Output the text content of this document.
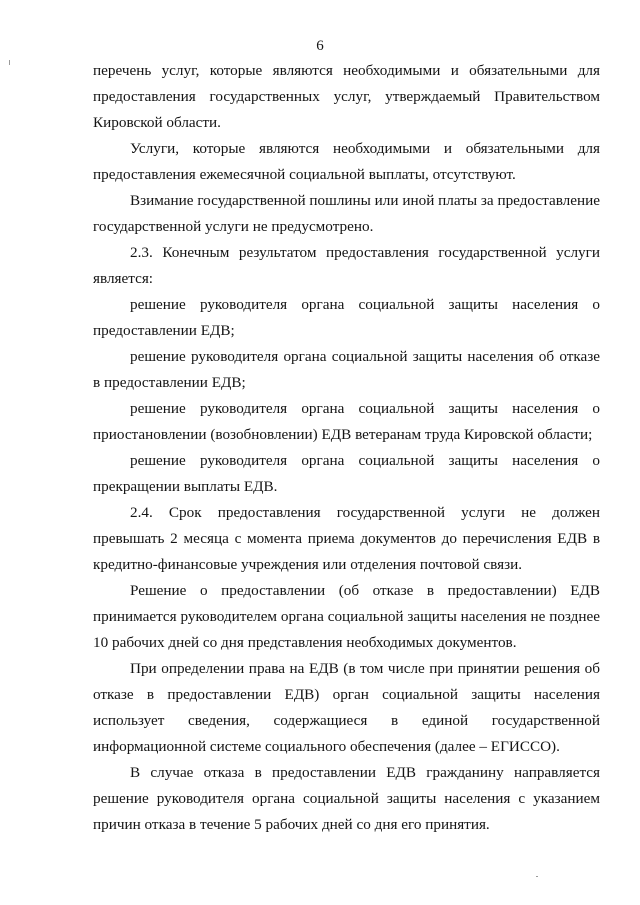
6

перечень услуг, которые являются необходимыми и обязательными для предоставления государственных услуг, утверждаемый Правительством Кировской области.

Услуги, которые являются необходимыми и обязательными для предоставления ежемесячной социальной выплаты, отсутствуют.

Взимание государственной пошлины или иной платы за предоставление государственной услуги не предусмотрено.

2.3. Конечным результатом предоставления государственной услуги является:

решение руководителя органа социальной защиты населения о предоставлении ЕДВ;

решение руководителя органа социальной защиты населения об отказе в предоставлении ЕДВ;

решение руководителя органа социальной защиты населения о приостановлении (возобновлении) ЕДВ ветеранам труда Кировской области;

решение руководителя органа социальной защиты населения о прекращении выплаты ЕДВ.

2.4. Срок предоставления государственной услуги не должен превышать 2 месяца с момента приема документов до перечисления ЕДВ в кредитно-финансовые учреждения или отделения почтовой связи.

Решение о предоставлении (об отказе в предоставлении) ЕДВ принимается руководителем органа социальной защиты населения не позднее 10 рабочих дней со дня представления необходимых документов.

При определении права на ЕДВ (в том числе при принятии решения об отказе в предоставлении ЕДВ) орган социальной защиты населения использует сведения, содержащиеся в единой государственной информационной системе социального обеспечения (далее – ЕГИССО).

В случае отказа в предоставлении ЕДВ гражданину направляется решение руководителя органа социальной защиты населения с указанием причин отказа в течение 5 рабочих дней со дня его принятия.
